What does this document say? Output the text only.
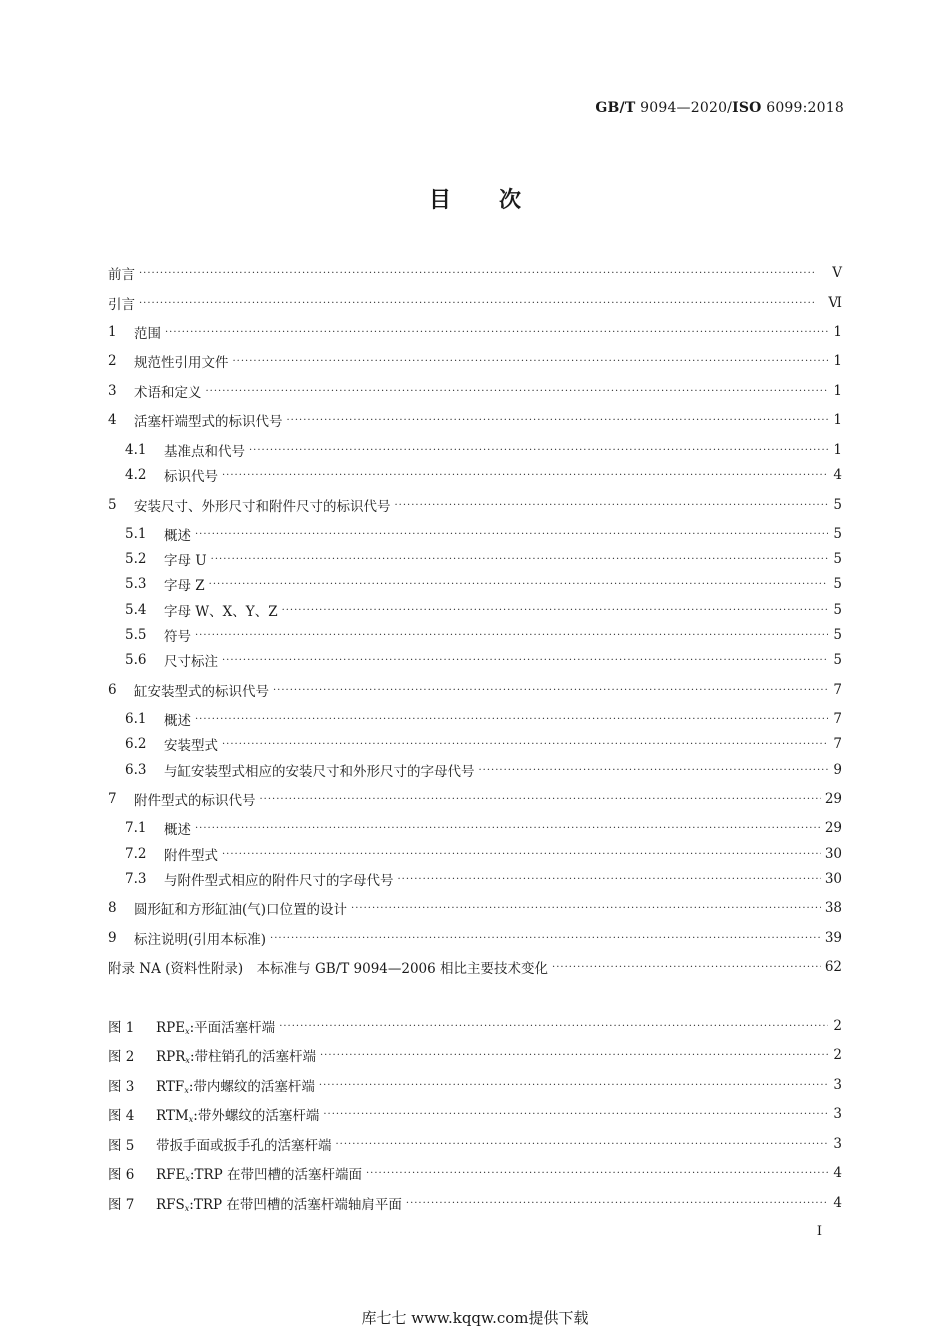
GB/T 9094—2020/ISO 6099:2018
目次
前言 ·····	Ⅴ
引言 ·····	Ⅵ
1	范围 ·····	1
2	规范性引用文件 ·····	1
3	术语和定义 ·····	1
4	活塞杆端型式的标识代号 ·····	1
4.1	基准点和代号 ·····	1
4.2	标识代号 ·····	4
5	安装尺寸、外形尺寸和附件尺寸的标识代号 ·····	5
5.1	概述 ·····	5
5.2	字母 U ·····	5
5.3	字母 Z ·····	5
5.4	字母 W、X、Y、Z ·····	5
5.5	符号 ·····	5
5.6	尺寸标注 ·····	5
6	缸安装型式的标识代号 ·····	7
6.1	概述 ·····	7
6.2	安装型式 ·····	7
6.3	与缸安装型式相应的安装尺寸和外形尺寸的字母代号 ·····	9
7	附件型式的标识代号 ·····	29
7.1	概述 ·····	29
7.2	附件型式 ·····	30
7.3	与附件型式相应的附件尺寸的字母代号 ·····	30
8	圆形缸和方形缸油(气)口位置的设计 ·····	38
9	标注说明(引用本标准) ·····	39
附录 NA (资料性附录)　本标准与 GB/T 9094—2006 相比主要技术变化 ·····	62
图 1	$RPE_x$:平面活塞杆端 ·····	2
图 2	$RPR_x$:带柱销孔的活塞杆端 ·····	2
图 3	$RTF_x$:带内螺纹的活塞杆端 ·····	3
图 4	$RTM_x$:带外螺纹的活塞杆端 ·····	3
图 5	带扳手面或扳手孔的活塞杆端 ·····	3
图 6	$RFE_x:TRP$ 在带凹槽的活塞杆端面 ·····	4
图 7	$RFS_x:TRP$ 在带凹槽的活塞杆端轴肩平面 ·····	4
Ⅰ
库七七 www.kqqw.com提供下载
